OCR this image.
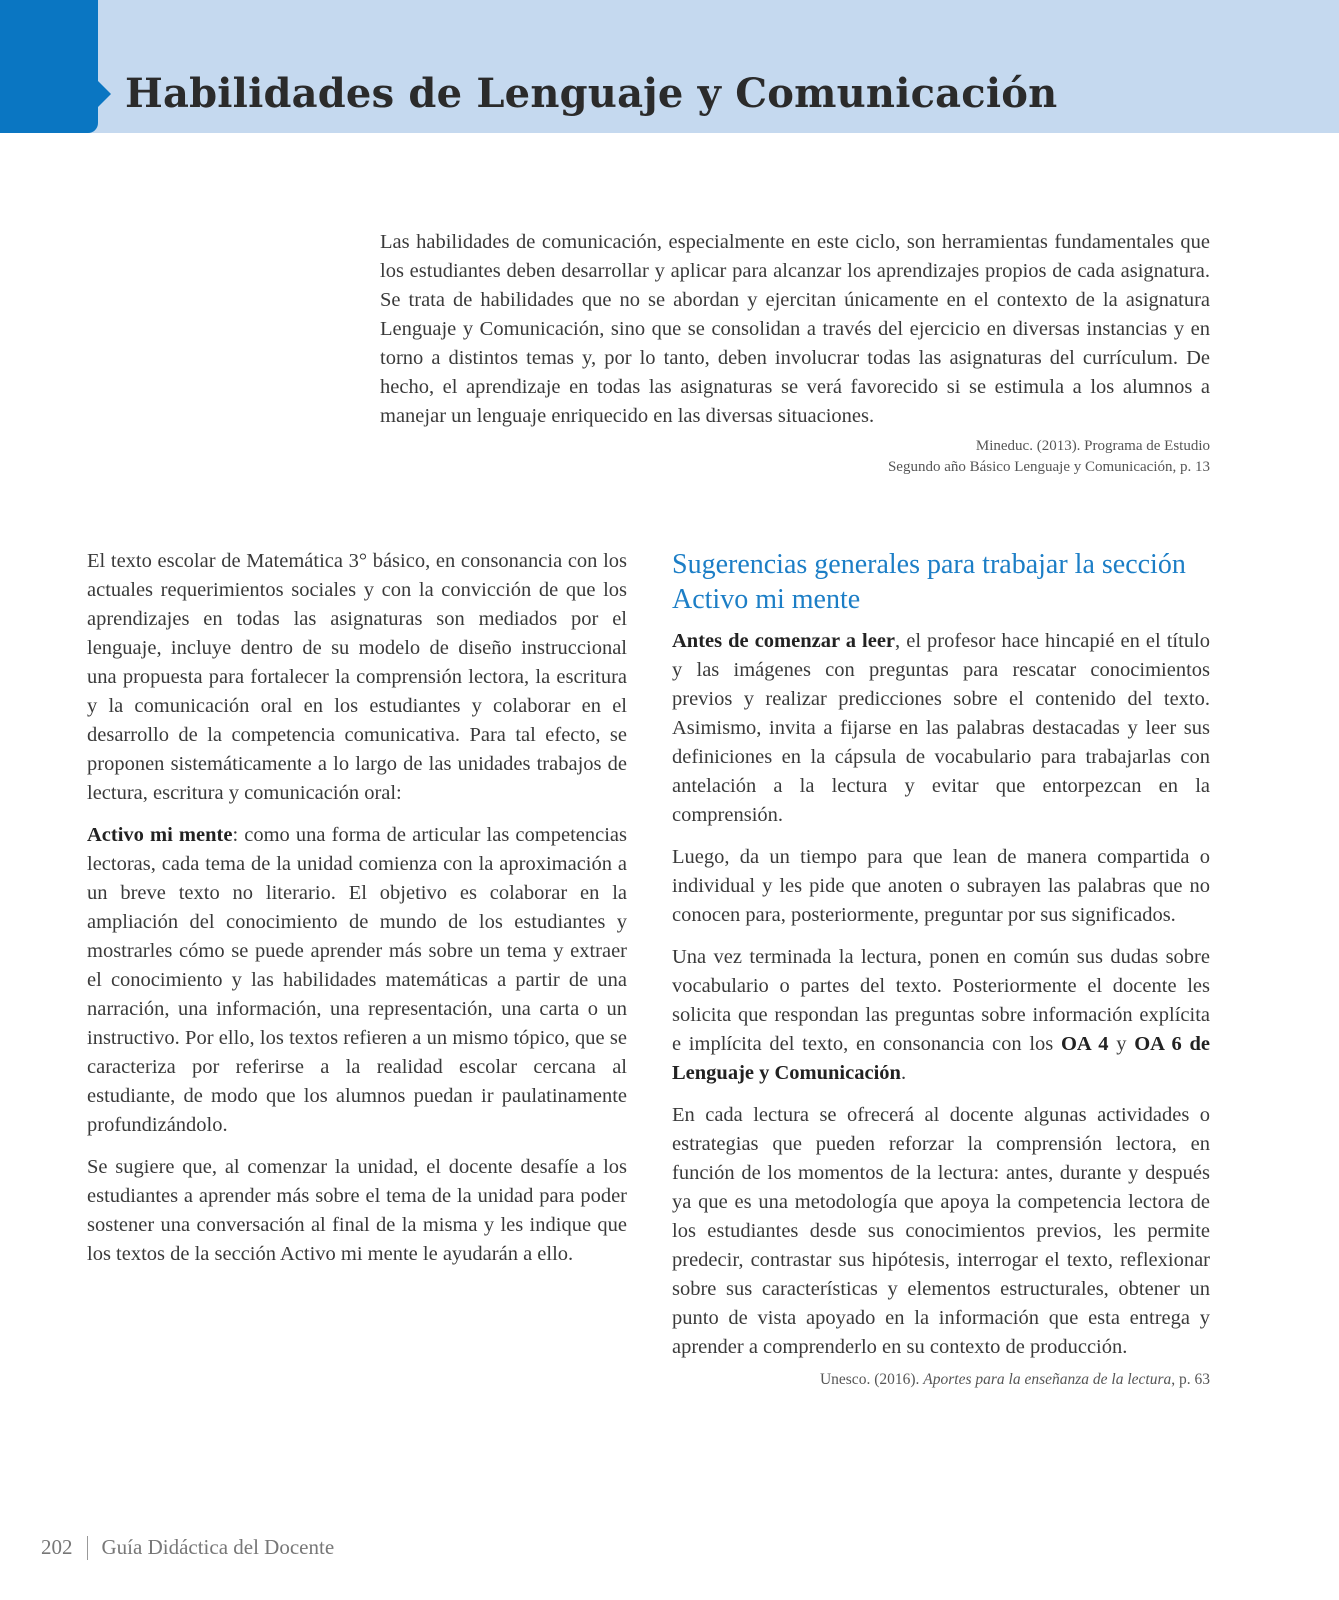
Habilidades de Lenguaje y Comunicación

Las habilidades de comunicación, especialmente en este ciclo, son herramientas fundamentales que los estudiantes deben desarrollar y aplicar para alcanzar los aprendizajes propios de cada asignatura. Se trata de habilidades que no se abordan y ejercitan únicamente en el contexto de la asignatura Lenguaje y Comunicación, sino que se consolidan a través del ejercicio en diversas instancias y en torno a distintos temas y, por lo tanto, deben involucrar todas las asignaturas del currículum. De hecho, el aprendizaje en todas las asignaturas se verá favorecido si se estimula a los alumnos a manejar un lenguaje enriquecido en las diversas situaciones.

Mineduc. (2013). Programa de Estudio

Segundo año Básico Lenguaje y Comunicación, p. 13

El texto escolar de Matemática 3° básico, en consonancia con los actuales requerimientos sociales y con la convicción de que los aprendizajes en todas las asignaturas son mediados por el lenguaje, incluye dentro de su modelo de diseño instruccional una propuesta para fortalecer la comprensión lectora, la escritura y la comunicación oral en los estudiantes y colaborar en el desarrollo de la competencia comunicativa. Para tal efecto, se proponen sistemáticamente a lo largo de las unidades trabajos de lectura, escritura y comunicación oral:

Activo mi mente: como una forma de articular las competencias lectoras, cada tema de la unidad comienza con la aproximación a un breve texto no literario. El objetivo es colaborar en la ampliación del conocimiento de mundo de los estudiantes y mostrarles cómo se puede aprender más sobre un tema y extraer el conocimiento y las habilidades matemáticas a partir de una narración, una información, una representación, una carta o un instructivo. Por ello, los textos refieren a un mismo tópico, que se caracteriza por referirse a la realidad escolar cercana al estudiante, de modo que los alumnos puedan ir paulatinamente profundizándolo.

Se sugiere que, al comenzar la unidad, el docente desafíe a los estudiantes a aprender más sobre el tema de la unidad para poder sostener una conversación al final de la misma y les indique que los textos de la sección Activo mi mente le ayudarán a ello.

Sugerencias generales para trabajar la sección Activo mi mente

Antes de comenzar a leer, el profesor hace hincapié en el título y las imágenes con preguntas para rescatar conocimientos previos y realizar predicciones sobre el contenido del texto. Asimismo, invita a fijarse en las palabras destacadas y leer sus definiciones en la cápsula de vocabulario para trabajarlas con antelación a la lectura y evitar que entorpezcan en la comprensión.

Luego, da un tiempo para que lean de manera compartida o individual y les pide que anoten o subrayen las palabras que no conocen para, posteriormente, preguntar por sus significados.

Una vez terminada la lectura, ponen en común sus dudas sobre vocabulario o partes del texto. Posteriormente el docente les solicita que respondan las preguntas sobre información explícita e implícita del texto, en consonancia con los OA 4 y OA 6 de Lenguaje y Comunicación.

En cada lectura se ofrecerá al docente algunas actividades o estrategias que pueden reforzar la comprensión lectora, en función de los momentos de la lectura: antes, durante y después ya que es una metodología que apoya la competencia lectora de los estudiantes desde sus conocimientos previos, les permite predecir, contrastar sus hipótesis, interrogar el texto, reflexionar sobre sus características y elementos estructurales, obtener un punto de vista apoyado en la información que esta entrega y aprender a comprenderlo en su contexto de producción.

Unesco. (2016). Aportes para la enseñanza de la lectura, p. 63

202 Guía Didáctica del Docente
